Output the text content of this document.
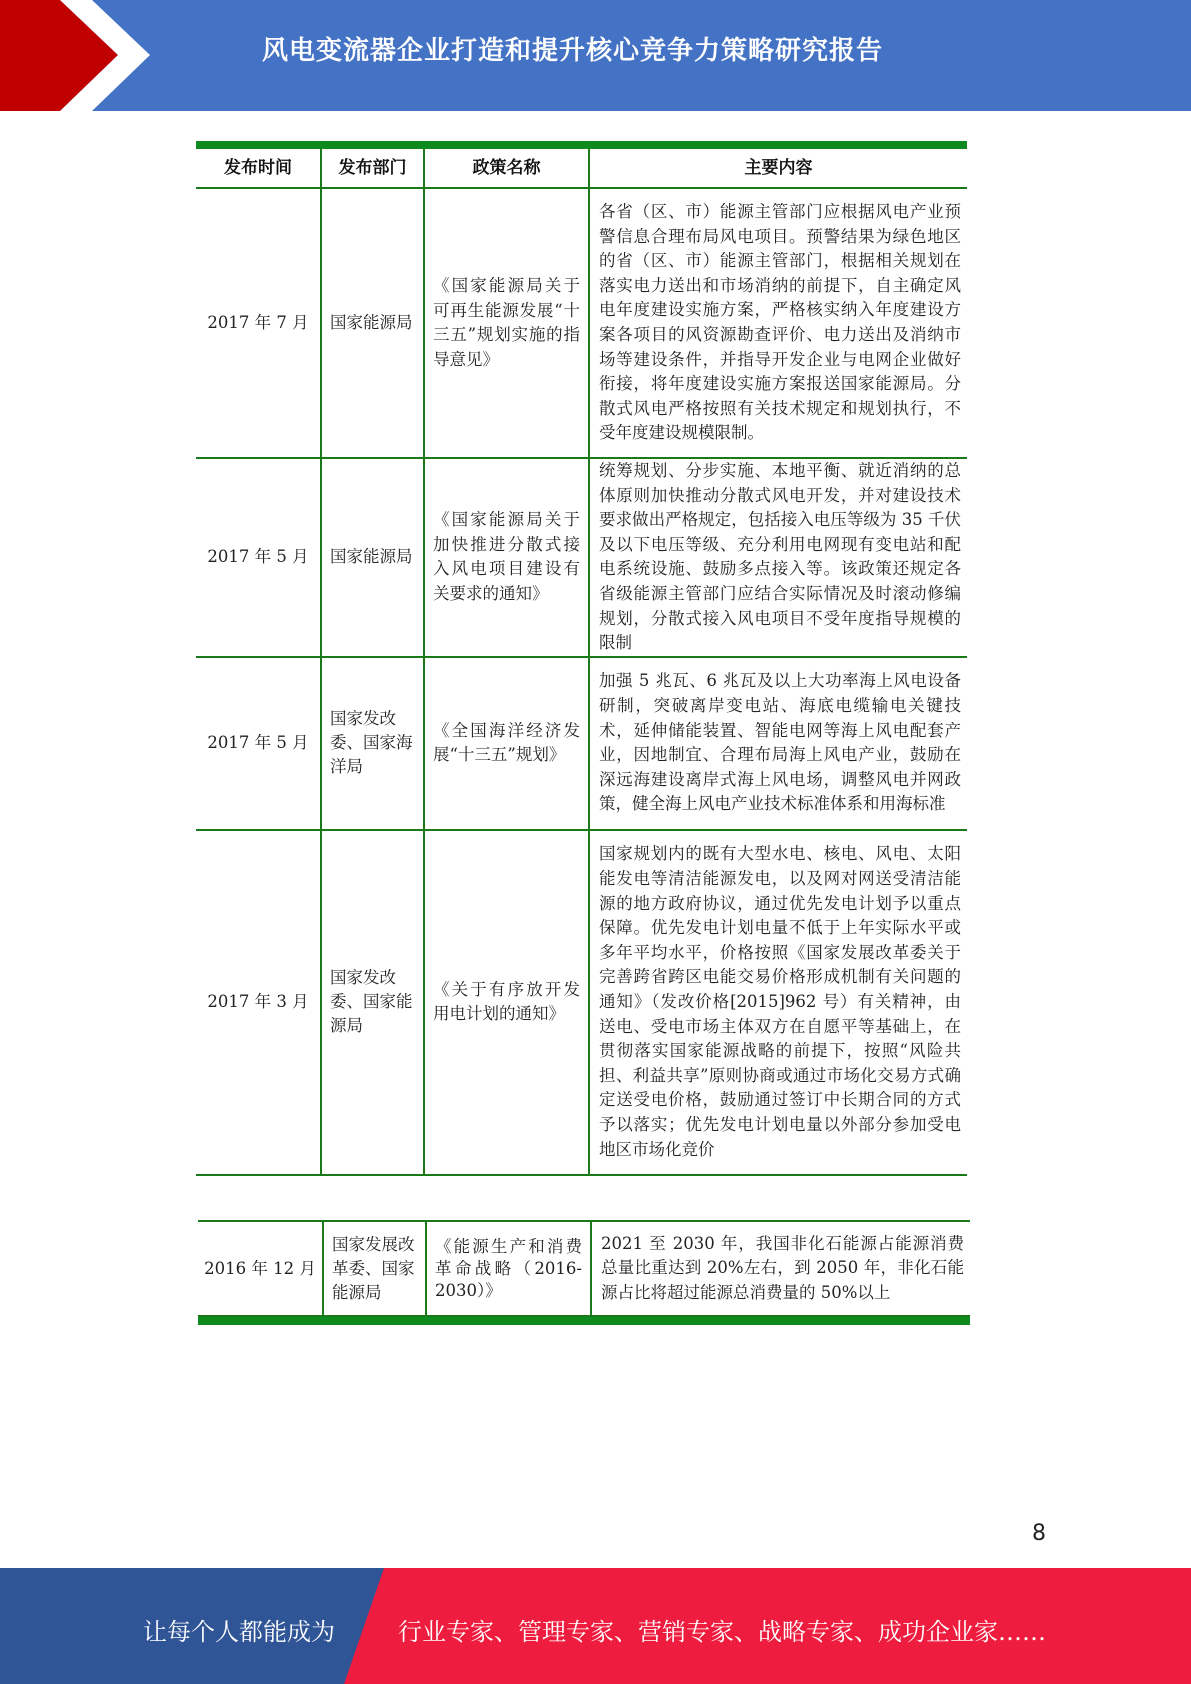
风电变流器企业打造和提升核心竞争力策略研究报告
发布时间	发布部门	政策名称	主要内容
2017 年 7 月	国家能源局	《国家能源局关于可再生能源发展“十三五”规划实施的指导意见》	各省（区、市）能源主管部门应根据风电产业预警信息合理布局风电项目。预警结果为绿色地区的省（区、市）能源主管部门，根据相关规划在落实电力送出和市场消纳的前提下，自主确定风电年度建设实施方案，严格核实纳入年度建设方案各项目的风资源勘查评价、电力送出及消纳市场等建设条件，并指导开发企业与电网企业做好衔接，将年度建设实施方案报送国家能源局。分散式风电严格按照有关技术规定和规划执行，不受年度建设规模限制。
2017 年 5 月	国家能源局	《国家能源局关于加快推进分散式接入风电项目建设有关要求的通知》	统筹规划、分步实施、本地平衡、就近消纳的总体原则加快推动分散式风电开发，并对建设技术要求做出严格规定，包括接入电压等级为 35 千伏及以下电压等级、充分利用电网现有变电站和配电系统设施、鼓励多点接入等。该政策还规定各省级能源主管部门应结合实际情况及时滚动修编规划，分散式接入风电项目不受年度指导规模的限制
2017 年 5 月	国家发改委、国家海洋局	《全国海洋经济发展“十三五”规划》	加强 5 兆瓦、6 兆瓦及以上大功率海上风电设备研制，突破离岸变电站、海底电缆输电关键技术，延伸储能装置、智能电网等海上风电配套产业，因地制宜、合理布局海上风电产业，鼓励在深远海建设离岸式海上风电场，调整风电并网政策，健全海上风电产业技术标准体系和用海标准
2017 年 3 月	国家发改委、国家能源局	《关于有序放开发用电计划的通知》	国家规划内的既有大型水电、核电、风电、太阳能发电等清洁能源发电，以及网对网送受清洁能源的地方政府协议，通过优先发电计划予以重点保障。优先发电计划电量不低于上年实际水平或多年平均水平，价格按照《国家发展改革委关于完善跨省跨区电能交易价格形成机制有关问题的通知》（发改价格[2015]962 号）有关精神，由送电、受电市场主体双方在自愿平等基础上，在贯彻落实国家能源战略的前提下，按照“风险共担、利益共享”原则协商或通过市场化交易方式确定送受电价格，鼓励通过签订中长期合同的方式予以落实；优先发电计划电量以外部分参加受电地区市场化竞价
2016 年 12 月	国家发展改革委、国家能源局	《能源生产和消费革命战略（2016-2030）》	2021 至 2030 年，我国非化石能源占能源消费总量比重达到 20%左右，到 2050 年，非化石能源占比将超过能源总消费量的 50%以上
8
让每个人都能成为	行业专家、管理专家、营销专家、战略专家、成功企业家……
